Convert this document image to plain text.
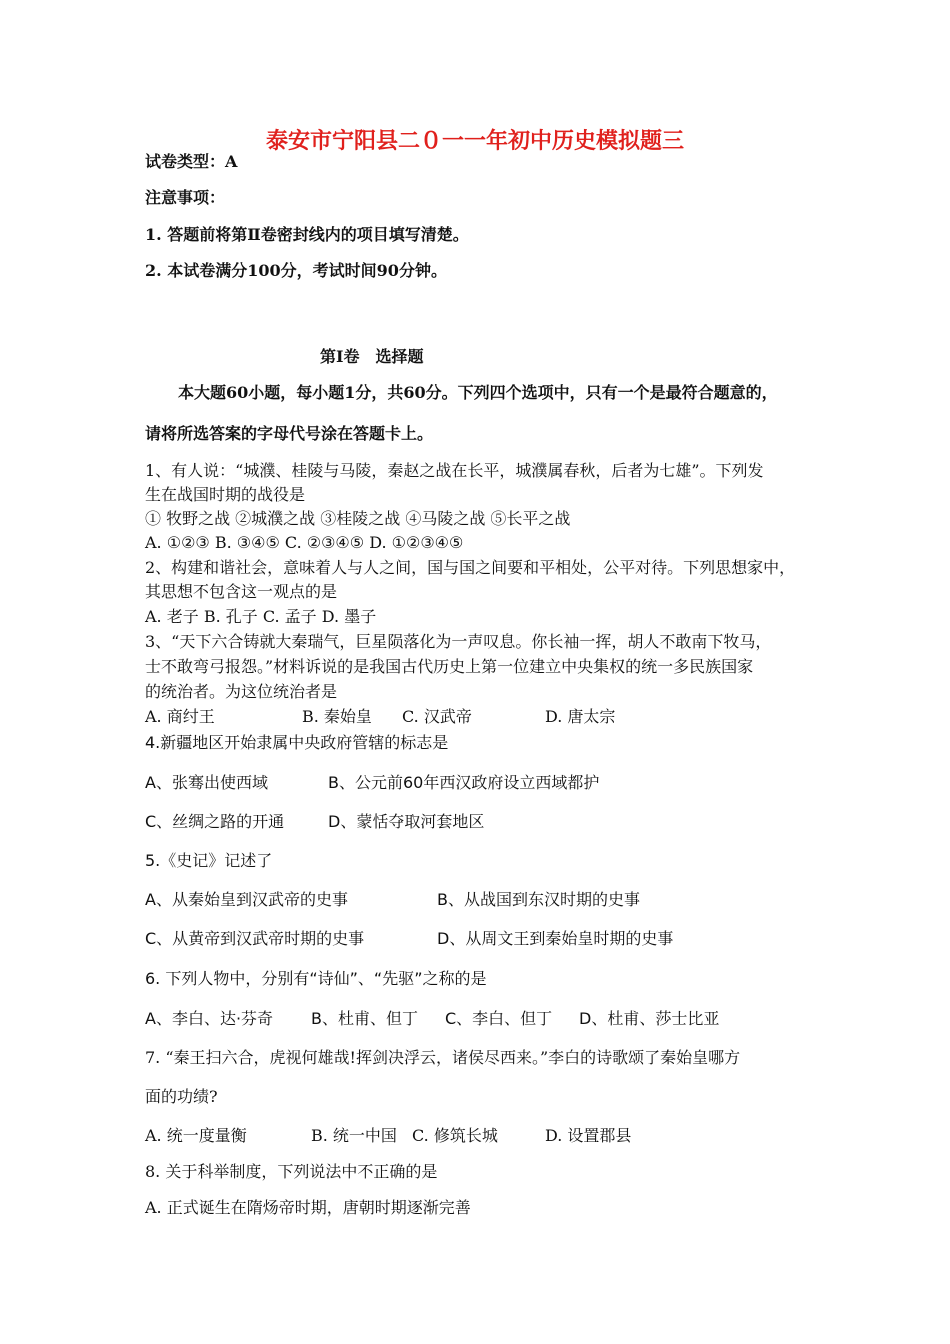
泰安市宁阳县二０一一年初中历史模拟题三
试卷类型：A
注意事项：
1. 答题前将第Ⅱ卷密封线内的项目填写清楚。
2. 本试卷满分100分，考试时间90分钟。
第Ⅰ卷　选择题
本大题60小题，每小题1分，共60分。下列四个选项中，只有一个是最符合题意的，
请将所选答案的字母代号涂在答题卡上。
1、有人说：“城濮、桂陵与马陵，秦赵之战在长平，城濮属春秋，后者为七雄”。下列发
生在战国时期的战役是
① 牧野之战 ②城濮之战 ③桂陵之战 ④马陵之战 ⑤长平之战
A. ①②③ B. ③④⑤ C. ②③④⑤ D. ①②③④⑤
2、构建和谐社会，意味着人与人之间，国与国之间要和平相处，公平对待。下列思想家中，
其思想不包含这一观点的是
A. 老子 B. 孔子 C. 孟子 D. 墨子
3、“天下六合铸就大秦瑞气，巨星陨落化为一声叹息。你长袖一挥，胡人不敢南下牧马，
士不敢弯弓报怨。”材料诉说的是我国古代历史上第一位建立中央集权的统一多民族国家
的统治者。为这位统治者是
A. 商纣王	B. 秦始皇 C. 汉武帝	D. 唐太宗
4.新疆地区开始隶属中央政府管辖的标志是
A、张骞出使西域	B、公元前60年西汉政府设立西域都护
C、丝绸之路的开通	D、蒙恬夺取河套地区
5.《史记》记述了
A、从秦始皇到汉武帝的史事	B、从战国到东汉时期的史事
C、从黄帝到汉武帝时期的史事	D、从周文王到秦始皇时期的史事
6. 下列人物中，分别有“诗仙”、“先驱”之称的是
A、李白、达·芬奇 B、杜甫、但丁 C、李白、但丁 D、杜甫、莎士比亚
7. “秦王扫六合，虎视何雄哉!挥剑决浮云，诸侯尽西来。”李白的诗歌颂了秦始皇哪方
面的功绩?
A. 统一度量衡	B. 统一中国 C. 修筑长城	D. 设置郡县
8. 关于科举制度，下列说法中不正确的是
A. 正式诞生在隋炀帝时期，唐朝时期逐渐完善
